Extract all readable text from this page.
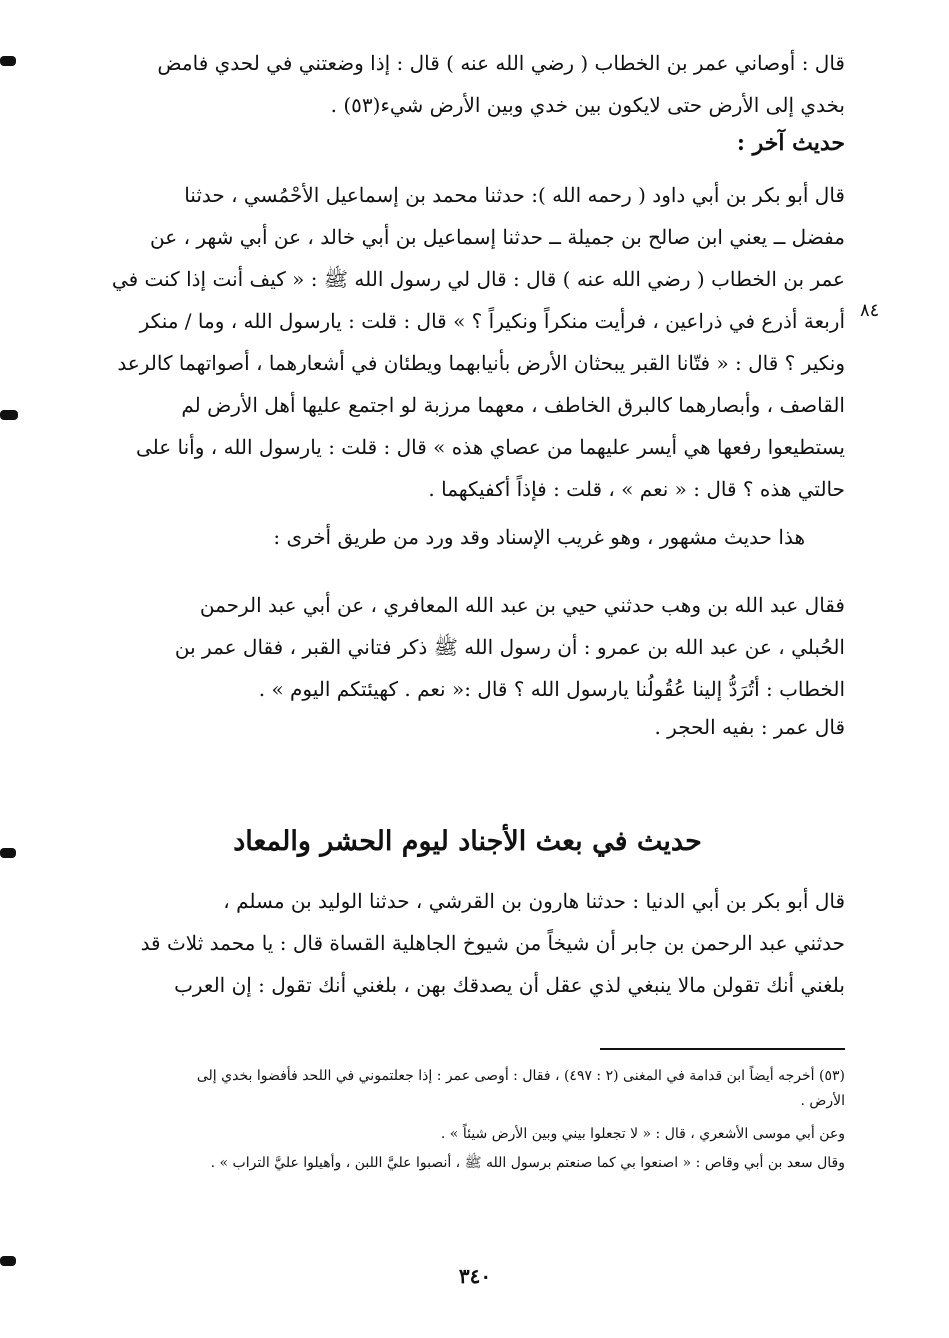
قال : أوصاني عمر بن الخطاب ( رضي الله عنه ) قال : إذا وضعتني في لحدي فامض
بخدي إلى الأرض حتى لايكون بين خدي وبين الأرض شيء(٥٣) .
حديث آخر :
قال أبو بكر بن أبي داود ( رحمه الله ): حدثنا محمد بن إسماعيل الأحْمُسي ، حدثنا
مفضل ــ يعني ابن صالح بن جميلة ــ حدثنا إسماعيل بن أبي خالد ، عن أبي شهر ، عن
عمر بن الخطاب ( رضي الله عنه ) قال : قال لي رسول الله ﷺ : « كيف أنت إذا كنت في
أربعة أذرع في ذراعين ، فرأيت منكراً ونكيراً ؟ » قال : قلت : يارسول الله ، وما / منكر
ونكير ؟ قال : « فتّانا القبر يبحثان الأرض بأنيابهما ويطئان في أشعارهما ، أصواتهما كالرعد
القاصف ، وأبصارهما كالبرق الخاطف ، معهما مرزبة لو اجتمع عليها أهل الأرض لم
يستطيعوا رفعها هي أيسر عليهما من عصاي هذه » قال : قلت : يارسول الله ، وأنا على
حالتي هذه ؟ قال : « نعم » ، قلت : فإذاً أكفيكهما .
٨٤
هذا حديث مشهور ، وهو غريب الإسناد وقد ورد من طريق أخرى :
فقال عبد الله بن وهب حدثني حيي بن عبد الله المعافري ، عن أبي عبد الرحمن
الحُبلي ، عن عبد الله بن عمرو : أن رسول الله ﷺ ذكر فتاني القبر ، فقال عمر بن
الخطاب : أتُرَدُّ إلينا عُقُولُنا يارسول الله ؟ قال :« نعم . كهيئتكم اليوم » .
قال عمر : بفيه الحجر .
حديث في بعث الأجناد ليوم الحشر والمعاد
قال أبو بكر بن أبي الدنيا : حدثنا هارون بن القرشي ، حدثنا الوليد بن مسلم ،
حدثني عبد الرحمن بن جابر أن شيخاً من شيوخ الجاهلية القساة قال : يا محمد ثلاث قد
بلغني أنك تقولن مالا ينبغي لذي عقل أن يصدقك بهن ، بلغني أنك تقول : إن العرب
(٥٣) أخرجه أيضاً ابن قدامة في المغنى (٢ : ٤٩٧) ، فقال : أوصى عمر : إذا جعلتموني في اللحد فأفضوا بخدي إلى
الأرض .
وعن أبي موسى الأشعري ، قال : « لا تجعلوا بيني وبين الأرض شيئاً » .
وقال سعد بن أبي وقاص : « اصنعوا بي كما صنعتم برسول الله ﷺ ، أنصبوا عليَّ اللبن ، وأهيلوا عليَّ التراب » .
٣٤٠
